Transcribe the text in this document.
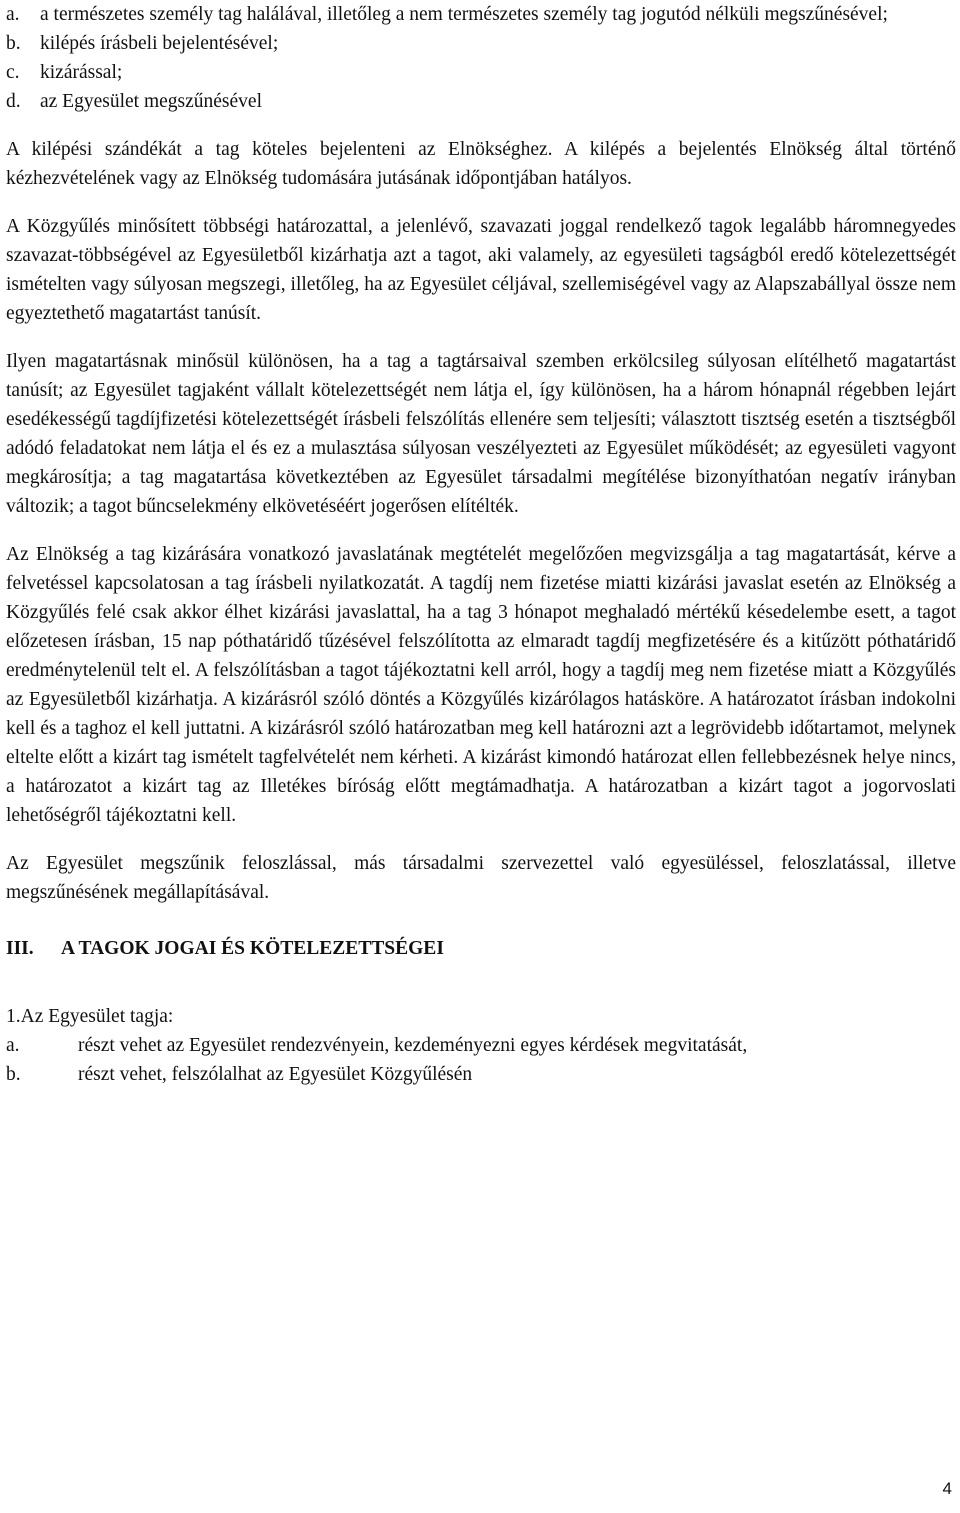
a. a természetes személy tag halálával, illetőleg a nem természetes személy tag jogutód nélküli megszűnésével;
b. kilépés írásbeli bejelentésével;
c. kizárással;
d. az Egyesület megszűnésével

A kilépési szándékát a tag köteles bejelenteni az Elnökséghez. A kilépés a bejelentés Elnökség által történő kézhezvételének vagy az Elnökség tudomására jutásának időpontjában hatályos.

A Közgyűlés minősített többségi határozattal, a jelenlévő, szavazati joggal rendelkező tagok legalább háromnegyedes szavazat-többségével az Egyesületből kizárhatja azt a tagot, aki valamely, az egyesületi tagságból eredő kötelezettségét ismételten vagy súlyosan megszegi, illetőleg, ha az Egyesület céljával, szellemiségével vagy az Alapszabállyal össze nem egyeztethető magatartást tanúsít.

Ilyen magatartásnak minősül különösen, ha a tag a tagtársaival szemben erkölcsileg súlyosan elítélhető magatartást tanúsít; az Egyesület tagjaként vállalt kötelezettségét nem látja el, így különösen, ha a három hónapnál régebben lejárt esedékességű tagdíjfizetési kötelezettségét írásbeli felszólítás ellenére sem teljesíti; választott tisztség esetén a tisztségből adódó feladatokat nem látja el és ez a mulasztása súlyosan veszélyezteti az Egyesület működését; az egyesületi vagyont megkárosítja; a tag magatartása következtében az Egyesület társadalmi megítélése bizonyíthatóan negatív irányban változik; a tagot bűncselekmény elkövetéséért jogerősen elítélték.

Az Elnökség a tag kizárására vonatkozó javaslatának megtételét megelőzően megvizsgálja a tag magatartását, kérve a felvetéssel kapcsolatosan a tag írásbeli nyilatkozatát. A tagdíj nem fizetése miatti kizárási javaslat esetén az Elnökség a Közgyűlés felé csak akkor élhet kizárási javaslattal, ha a tag 3 hónapot meghaladó mértékű késedelembe esett, a tagot előzetesen írásban, 15 nap póthatáridő tűzésével felszólította az elmaradt tagdíj megfizetésére és a kitűzött póthatáridő eredménytelenül telt el. A felszólításban a tagot tájékoztatni kell arról, hogy a tagdíj meg nem fizetése miatt a Közgyűlés az Egyesületből kizárhatja. A kizárásról szóló döntés a Közgyűlés kizárólagos hatásköre. A határozatot írásban indokolni kell és a taghoz el kell juttatni. A kizárásról szóló határozatban meg kell határozni azt a legrövidebb időtartamot, melynek eltelte előtt a kizárt tag ismételt tagfelvételét nem kérheti. A kizárást kimondó határozat ellen fellebbezésnek helye nincs, a határozatot a kizárt tag az Illetékes bíróság előtt megtámadhatja. A határozatban a kizárt tagot a jogorvoslati lehetőségről tájékoztatni kell.

Az Egyesület megszűnik feloszlással, más társadalmi szervezettel való egyesüléssel, feloszlatással, illetve megszűnésének megállapításával.

III. A TAGOK JOGAI ÉS KÖTELEZETTSÉGEI
1.Az Egyesület tagja:
a.	részt vehet az Egyesület rendezvényein, kezdeményezni egyes kérdések megvitatását,
b.	részt vehet, felszólalhat az Egyesület Közgyűlésén
4
